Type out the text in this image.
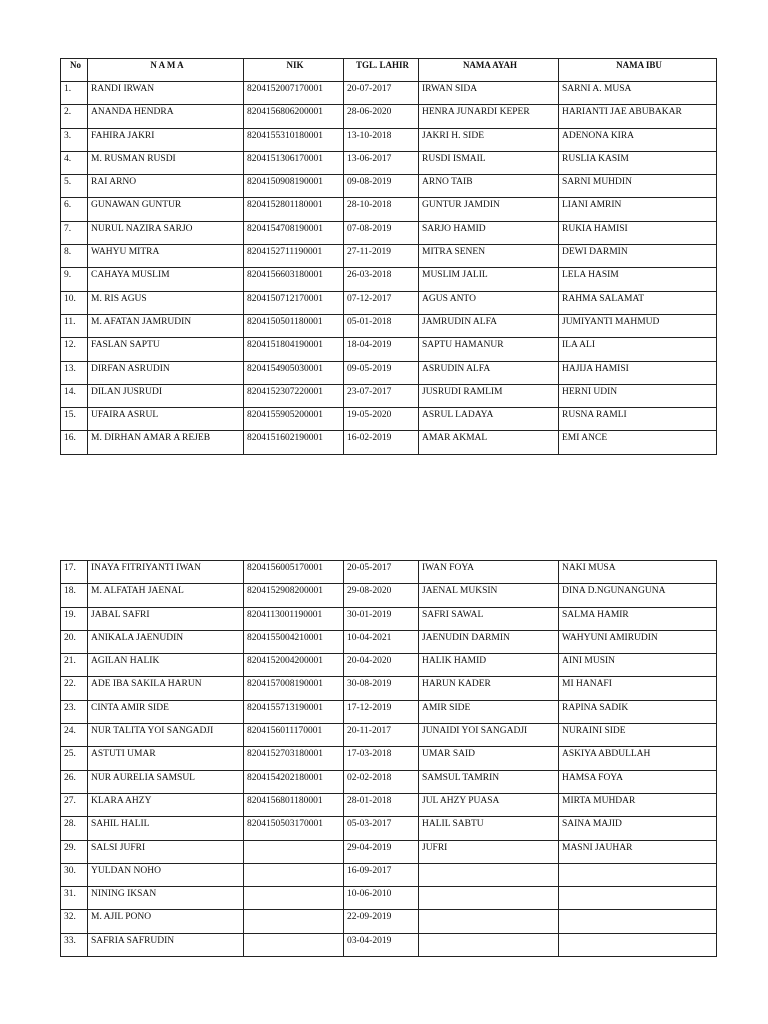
No	N A M A	NIK	TGL. LAHIR	NAMA AYAH	NAMA IBU
1.	RANDI IRWAN	8204152007170001	20-07-2017	IRWAN SIDA	SARNI A. MUSA
2.	ANANDA HENDRA	8204156806200001	28-06-2020	HENRA JUNARDI KEPER	HARIANTI JAE ABUBAKAR
3.	FAHIRA JAKRI	8204155310180001	13-10-2018	JAKRI H. SIDE	ADENONA KIRA
4.	M. RUSMAN RUSDI	8204151306170001	13-06-2017	RUSDI ISMAIL	RUSLIA KASIM
5.	RAI ARNO	8204150908190001	09-08-2019	ARNO TAIB	SARNI MUHDIN
6.	GUNAWAN GUNTUR	8204152801180001	28-10-2018	GUNTUR JAMDIN	LIANI AMRIN
7.	NURUL NAZIRA SARJO	8204154708190001	07-08-2019	SARJO HAMID	RUKIA HAMISI
8.	WAHYU MITRA	8204152711190001	27-11-2019	MITRA SENEN	DEWI DARMIN
9.	CAHAYA MUSLIM	8204156603180001	26-03-2018	MUSLIM JALIL	LELA HASIM
10.	M. RIS AGUS	8204150712170001	07-12-2017	AGUS ANTO	RAHMA SALAMAT
11.	M. AFATAN JAMRUDIN	8204150501180001	05-01-2018	JAMRUDIN ALFA	JUMIYANTI MAHMUD
12.	FASLAN SAPTU	8204151804190001	18-04-2019	SAPTU HAMANUR	ILA ALI
13.	DIRFAN ASRUDIN	8204154905030001	09-05-2019	ASRUDIN ALFA	HAJIJA HAMISI
14.	DILAN JUSRUDI	8204152307220001	23-07-2017	JUSRUDI RAMLIM	HERNI UDIN
15.	UFAIRA ASRUL	8204155905200001	19-05-2020	ASRUL LADAYA	RUSNA RAMLI
16.	M. DIRHAN AMAR A REJEB	8204151602190001	16-02-2019	AMAR AKMAL	EMI ANCE
17.	INAYA FITRIYANTI IWAN	8204156005170001	20-05-2017	IWAN FOYA	NAKI MUSA
18.	M. ALFATAH JAENAL	8204152908200001	29-08-2020	JAENAL MUKSIN	DINA D.NGUNANGUNA
19.	JABAL SAFRI	8204113001190001	30-01-2019	SAFRI SAWAL	SALMA HAMIR
20.	ANIKALA JAENUDIN	8204155004210001	10-04-2021	JAENUDIN DARMIN	WAHYUNI AMIRUDIN
21.	AGILAN HALIK	8204152004200001	20-04-2020	HALIK HAMID	AINI MUSIN
22.	ADE IBA SAKILA HARUN	8204157008190001	30-08-2019	HARUN KADER	MI HANAFI
23.	CINTA AMIR SIDE	8204155713190001	17-12-2019	AMIR SIDE	RAPINA SADIK
24.	NUR TALITA YOI SANGADJI	8204156011170001	20-11-2017	JUNAIDI YOI SANGADJI	NURAINI SIDE
25.	ASTUTI UMAR	8204152703180001	17-03-2018	UMAR SAID	ASKIYA ABDULLAH
26.	NUR AURELIA SAMSUL	8204154202180001	02-02-2018	SAMSUL TAMRIN	HAMSA FOYA
27.	KLARA AHZY	8204156801180001	28-01-2018	JUL AHZY PUASA	MIRTA MUHDAR
28.	SAHIL HALIL	8204150503170001	05-03-2017	HALIL SABTU	SAINA MAJID
29.	SALSI JUFRI		29-04-2019	JUFRI	MASNI JAUHAR
30.	YULDAN NOHO		16-09-2017		
31.	NINING IKSAN		10-06-2010		
32.	M. AJIL PONO		22-09-2019		
33.	SAFRIA SAFRUDIN		03-04-2019		
